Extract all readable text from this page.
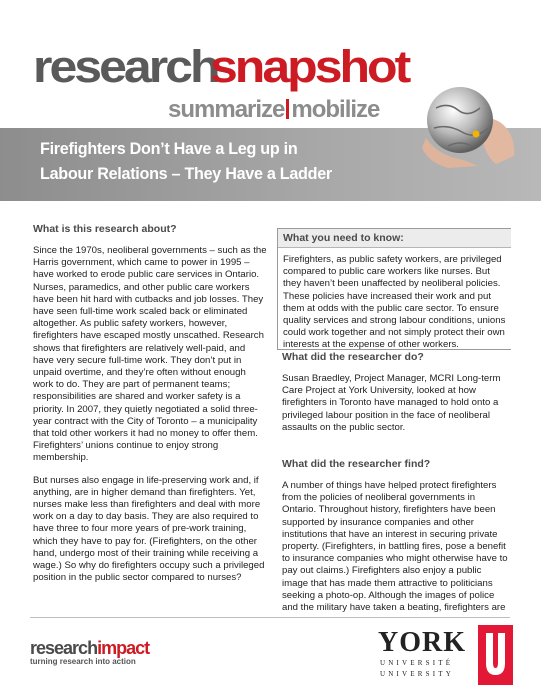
research
snapshot
summarize mobilize
Firefighters Don’t Have a Leg up in
Labour Relations – They Have a Ladder
What is this research about?

Since the 1970s, neoliberal governments – such as the Harris government, which came to power in 1995 – have worked to erode public care services in Ontario. Nurses, paramedics, and other public care workers have been hit hard with cutbacks and job losses. They have seen full-time work scaled back or eliminated altogether. As public safety workers, however, firefighters have escaped mostly unscathed. Research shows that firefighters are relatively well-paid, and have very secure full-time work. They don’t put in unpaid overtime, and they’re often without enough work to do. They are part of permanent teams; responsibilities are shared and worker safety is a priority. In 2007, they quietly negotiated a solid three-year contract with the City of Toronto – a municipality that told other workers it had no money to offer them. Firefighters’ unions continue to enjoy strong membership.

But nurses also engage in life-preserving work and, if anything, are in higher demand than firefighters. Yet, nurses make less than firefighters and deal with more work on a day to day basis. They are also required to have three to four more years of pre-work training, which they have to pay for. (Firefighters, on the other hand, undergo most of their training while receiving a wage.) So why do firefighters occupy such a privileged position in the public sector compared to nurses?

What you need to know:

Firefighters, as public safety workers, are privileged compared to public care workers like nurses. But they haven’t been unaffected by neoliberal policies. These policies have increased their work and put them at odds with the public care sector. To ensure quality services and strong labour conditions, unions could work together and not simply protect their own interests at the expense of other workers.

What did the researcher do?

Susan Braedley, Project Manager, MCRI Long-term Care Project at York University, looked at how firefighters in Toronto have managed to hold onto a privileged labour position in the face of neoliberal assaults on the public sector.

What did the researcher find?

A number of things have helped protect firefighters from the policies of neoliberal governments in Ontario. Throughout history, firefighters have been supported by insurance companies and other institutions that have an interest in securing private property. (Firefighters, in battling fires, pose a benefit to insurance companies who might otherwise have to pay out claims.) Firefighters also enjoy a public image that has made them attractive to politicians seeking a photo-op. Although the images of police and the military have taken a beating, firefighters are

researchimpact
turning research into action
YORK
UNIVERSITÉ
UNIVERSITY
